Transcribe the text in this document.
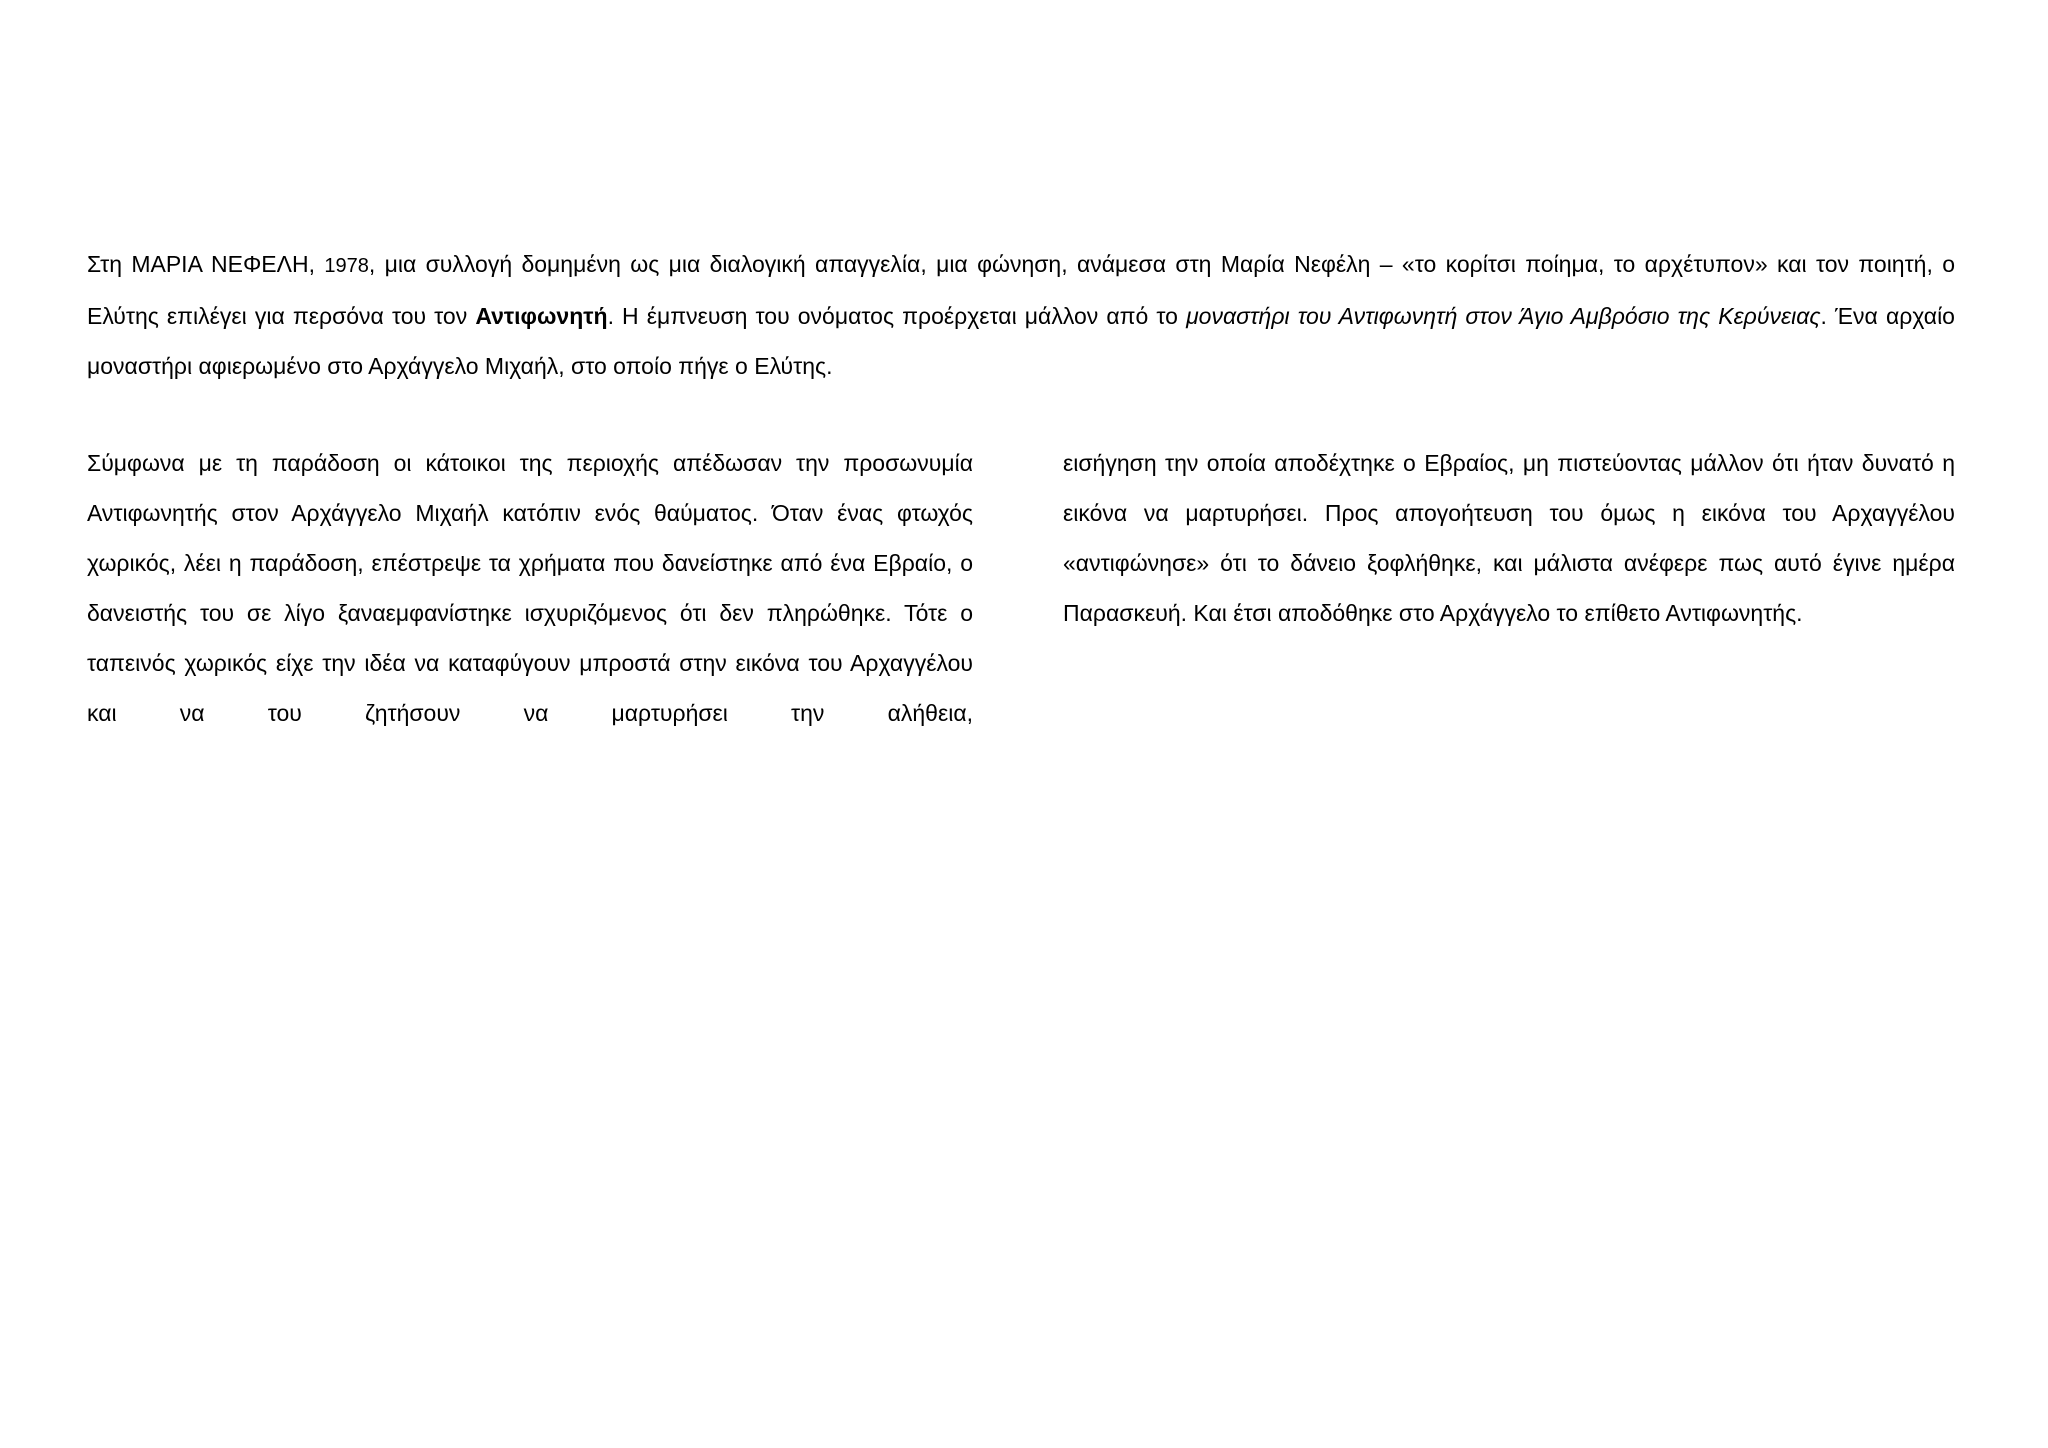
Στη ΜΑΡΙΑ ΝΕΦΕΛΗ, 1978, μια συλλογή δομημένη ως μια διαλογική απαγγελία, μια φώνηση, ανάμεσα στη Μαρία Νεφέλη – «το κορίτσι ποίημα, το αρχέτυπον» και τον ποιητή, ο Ελύτης επιλέγει για περσόνα του τον Αντιφωνητή. Η έμπνευση του ονόματος προέρχεται μάλλον από το μοναστήρι του Αντιφωνητή στον Άγιο Αμβρόσιο της Κερύνειας. Ένα αρχαίο μοναστήρι αφιερωμένο στο Αρχάγγελο Μιχαήλ, στο οποίο πήγε ο Ελύτης.

Σύμφωνα με τη παράδοση οι κάτοικοι της περιοχής απέδωσαν την προσωνυμία Αντιφωνητής στον Αρχάγγελο Μιχαήλ κατόπιν ενός θαύματος. Όταν ένας φτωχός χωρικός, λέει η παράδοση, επέστρεψε τα χρήματα που δανείστηκε από ένα Εβραίο, ο δανειστής του σε λίγο ξαναεμφανίστηκε ισχυριζόμενος ότι δεν πληρώθηκε. Τότε ο ταπεινός χωρικός είχε την ιδέα να καταφύγουν μπροστά στην εικόνα του Αρχαγγέλου και να του ζητήσουν να μαρτυρήσει την αλήθεια,

εισήγηση την οποία αποδέχτηκε ο Εβραίος, μη πιστεύοντας μάλλον ότι ήταν δυνατό η εικόνα να μαρτυρήσει. Προς απογοήτευση του όμως η εικόνα του Αρχαγγέλου «αντιφώνησε» ότι το δάνειο ξοφλήθηκε, και μάλιστα ανέφερε πως αυτό έγινε ημέρα Παρασκευή. Και έτσι αποδόθηκε στο Αρχάγγελο το επίθετο Αντιφωνητής.
